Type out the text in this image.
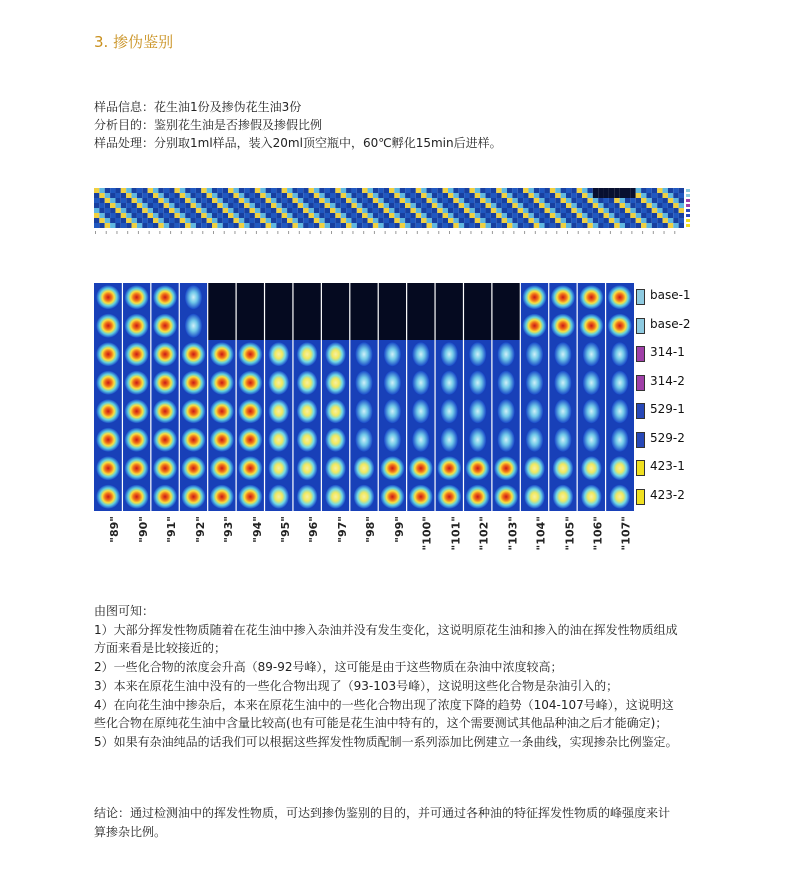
3. 掺伪鉴别
样品信息：花生油1份及掺伪花生油3份
分析目的：鉴别花生油是否掺假及掺假比例
样品处理：分别取1ml样品，装入20ml顶空瓶中，60℃孵化15min后进样。
base-1
base-2
314-1
314-2
529-1
529-2
423-1
423-2
"89" "90" "91" "92" "93" "94" "95" "96" "97" "98" "99" "100" "101" "102" "103" "104" "105" "106" "107"
由图可知：
1）大部分挥发性物质随着在花生油中掺入杂油并没有发生变化，这说明原花生油和掺入的油在挥发性物质组成
方面来看是比较接近的；
2）一些化合物的浓度会升高（89-92号峰），这可能是由于这些物质在杂油中浓度较高；
3）本来在原花生油中没有的一些化合物出现了（93-103号峰），这说明这些化合物是杂油引入的；
4）在向花生油中掺杂后，本来在原花生油中的一些化合物出现了浓度下降的趋势（104-107号峰），这说明这
些化合物在原纯花生油中含量比较高(也有可能是花生油中特有的，这个需要测试其他品种油之后才能确定)；
5）如果有杂油纯品的话我们可以根据这些挥发性物质配制一系列添加比例建立一条曲线，实现掺杂比例鉴定。
结论：通过检测油中的挥发性物质，可达到掺伪鉴别的目的，并可通过各种油的特征挥发性物质的峰强度来计
算掺杂比例。
